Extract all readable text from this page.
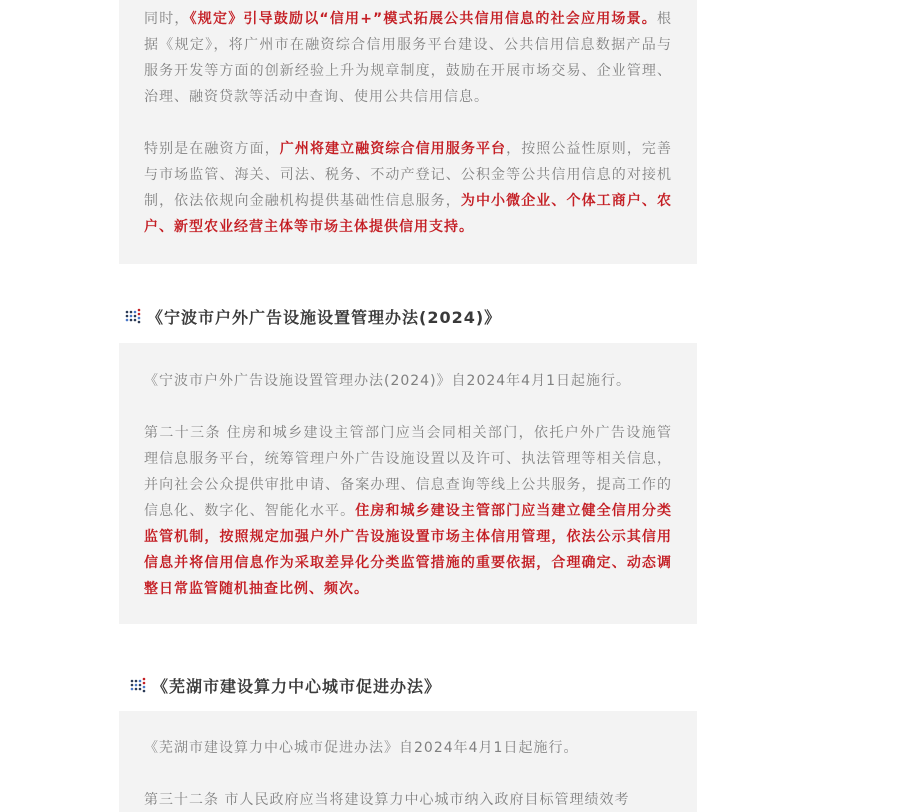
同时，《规定》引导鼓励以“信用+”模式拓展公共信用信息的社会应用场景。根据《规定》，将广州市在融资综合信用服务平台建设、公共信用信息数据产品与服务开发等方面的创新经验上升为规章制度，鼓励在开展市场交易、企业管理、治理、融资贷款等活动中查询、使用公共信用信息。

特别是在融资方面，广州将建立融资综合信用服务平台，按照公益性原则，完善与市场监管、海关、司法、税务、不动产登记、公积金等公共信用信息的对接机制，依法依规向金融机构提供基础性信息服务，为中小微企业、个体工商户、农户、新型农业经营主体等市场主体提供信用支持。

《宁波市户外广告设施设置管理办法(2024)》

《宁波市户外广告设施设置管理办法(2024)》自2024年4月1日起施行。

第二十三条 住房和城乡建设主管部门应当会同相关部门，依托户外广告设施管理信息服务平台，统筹管理户外广告设施设置以及许可、执法管理等相关信息，并向社会公众提供审批申请、备案办理、信息查询等线上公共服务，提高工作的信息化、数字化、智能化水平。住房和城乡建设主管部门应当建立健全信用分类监管机制，按照规定加强户外广告设施设置市场主体信用管理，依法公示其信用信息并将信用信息作为采取差异化分类监管措施的重要依据，合理确定、动态调整日常监管随机抽查比例、频次。

《芜湖市建设算力中心城市促进办法》

《芜湖市建设算力中心城市促进办法》自2024年4月1日起施行。

第三十二条 市人民政府应当将建设算力中心城市纳入政府目标管理绩效考
